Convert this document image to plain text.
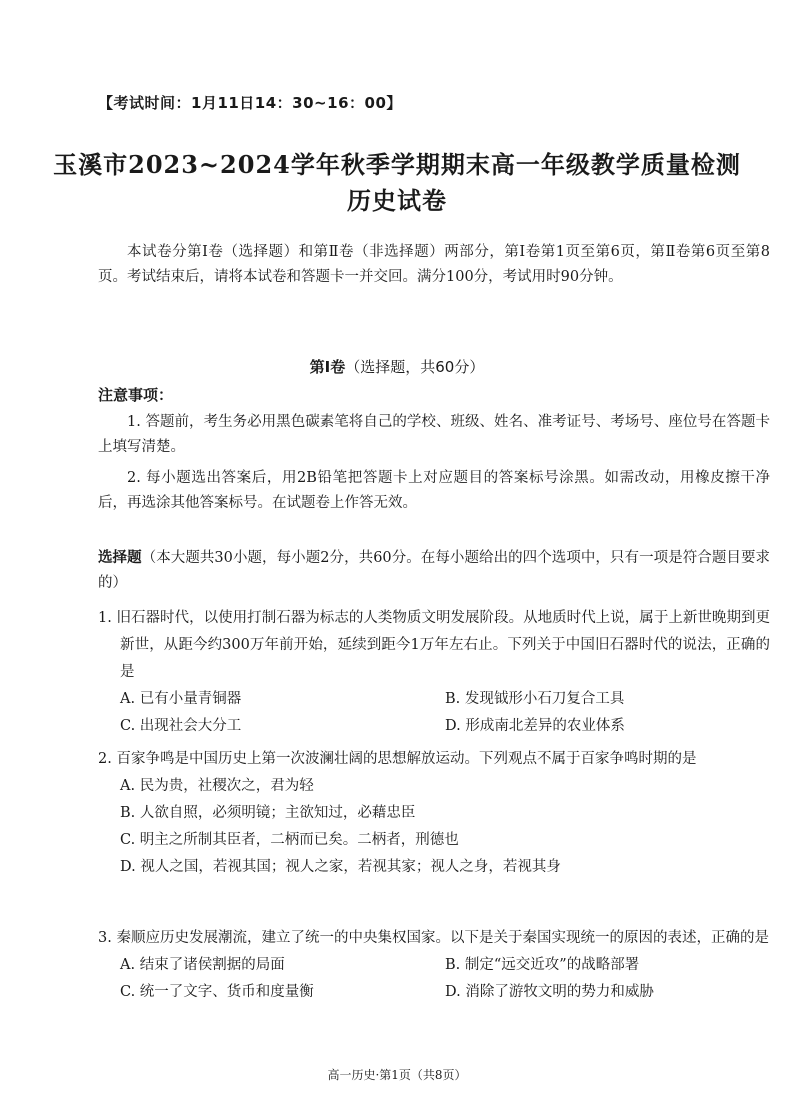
【考试时间：1月11日14：30~16：00】
玉溪市2023~2024学年秋季学期期末高一年级教学质量检测
历史试卷
本试卷分第Ⅰ卷（选择题）和第Ⅱ卷（非选择题）两部分，第Ⅰ卷第1页至第6页，第Ⅱ卷第6页至第8页。考试结束后，请将本试卷和答题卡一并交回。满分100分，考试用时90分钟。
第Ⅰ卷（选择题，共60分）
注意事项：
1. 答题前，考生务必用黑色碳素笔将自己的学校、班级、姓名、准考证号、考场号、座位号在答题卡上填写清楚。
2. 每小题选出答案后，用2B铅笔把答题卡上对应题目的答案标号涂黑。如需改动，用橡皮擦干净后，再选涂其他答案标号。在试题卷上作答无效。
选择题（本大题共30小题，每小题2分，共60分。在每小题给出的四个选项中，只有一项是符合题目要求的）
1. 旧石器时代，以使用打制石器为标志的人类物质文明发展阶段。从地质时代上说，属于上新世晚期到更新世，从距今约300万年前开始，延续到距今1万年左右止。下列关于中国旧石器时代的说法，正确的是
A. 已有小量青铜器	B. 发现钺形小石刀复合工具
C. 出现社会大分工	D. 形成南北差异的农业体系
2. 百家争鸣是中国历史上第一次波澜壮阔的思想解放运动。下列观点不属于百家争鸣时期的是
A. 民为贵，社稷次之，君为轻
B. 人欲自照，必须明镜；主欲知过，必藉忠臣
C. 明主之所制其臣者，二柄而已矣。二柄者，刑德也
D. 视人之国，若视其国；视人之家，若视其家；视人之身，若视其身
3. 秦顺应历史发展潮流，建立了统一的中央集权国家。以下是关于秦国实现统一的原因的表述，正确的是
A. 结束了诸侯割据的局面	B. 制定“远交近攻”的战略部署
C. 统一了文字、货币和度量衡	D. 消除了游牧文明的势力和威胁
高一历史·第1页（共8页）
